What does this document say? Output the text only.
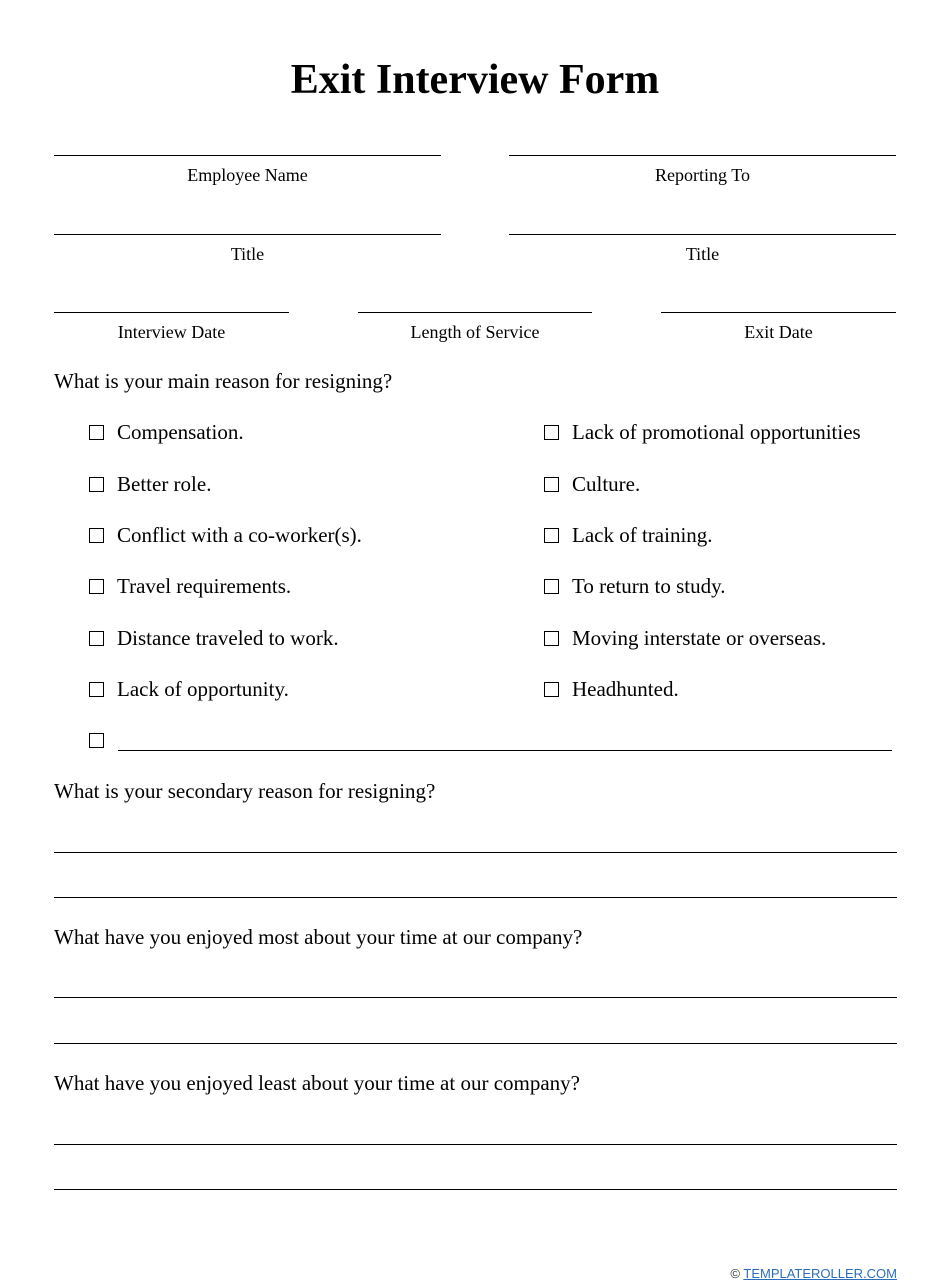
Exit Interview Form
Employee Name	Reporting To
Title	Title
Interview Date	Length of Service	Exit Date
What is your main reason for resigning?
Compensation.
Better role.
Conflict with a co-worker(s).
Travel requirements.
Distance traveled to work.
Lack of opportunity.
Lack of promotional opportunities
Culture.
Lack of training.
To return to study.
Moving interstate or overseas.
Headhunted.
What is your secondary reason for resigning?
What have you enjoyed most about your time at our company?
What have you enjoyed least about your time at our company?
© TEMPLATEROLLER.COM
